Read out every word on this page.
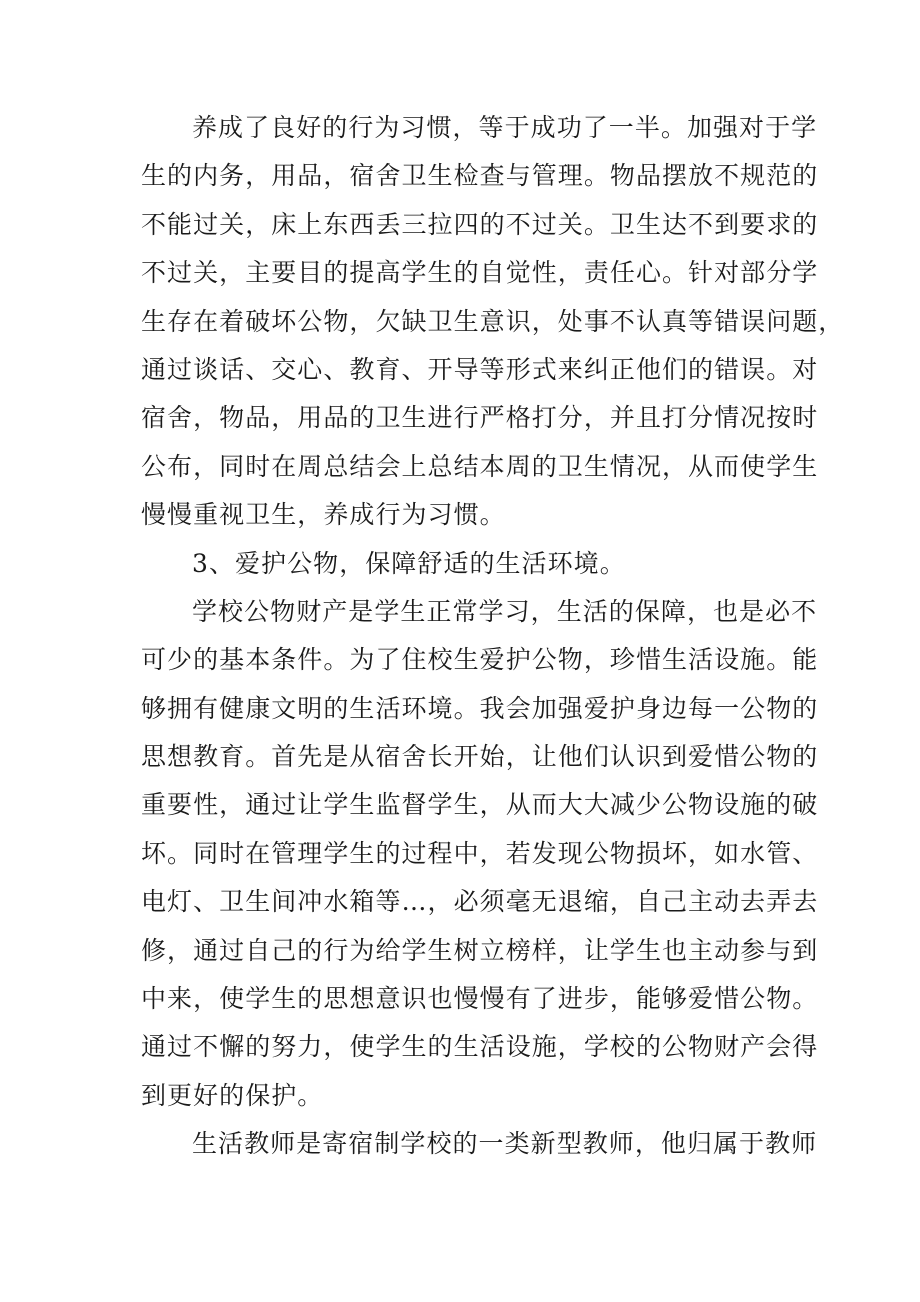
养成了良好的行为习惯，等于成功了一半。加强对于学
生的内务，用品，宿舍卫生检查与管理。物品摆放不规范的
不能过关，床上东西丢三拉四的不过关。卫生达不到要求的
不过关，主要目的提高学生的自觉性，责任心。针对部分学
生存在着破坏公物，欠缺卫生意识，处事不认真等错误问题，
通过谈话、交心、教育、开导等形式来纠正他们的错误。对
宿舍，物品，用品的卫生进行严格打分，并且打分情况按时
公布，同时在周总结会上总结本周的卫生情况，从而使学生
慢慢重视卫生，养成行为习惯。
3、爱护公物，保障舒适的生活环境。
学校公物财产是学生正常学习，生活的保障，也是必不
可少的基本条件。为了住校生爱护公物，珍惜生活设施。能
够拥有健康文明的生活环境。我会加强爱护身边每一公物的
思想教育。首先是从宿舍长开始，让他们认识到爱惜公物的
重要性，通过让学生监督学生，从而大大减少公物设施的破
坏。同时在管理学生的过程中，若发现公物损坏，如水管、
电灯、卫生间冲水箱等…，必须毫无退缩，自己主动去弄去
修，通过自己的行为给学生树立榜样，让学生也主动参与到
中来，使学生的思想意识也慢慢有了进步，能够爱惜公物。
通过不懈的努力，使学生的生活设施，学校的公物财产会得
到更好的保护。
生活教师是寄宿制学校的一类新型教师，他归属于教师
